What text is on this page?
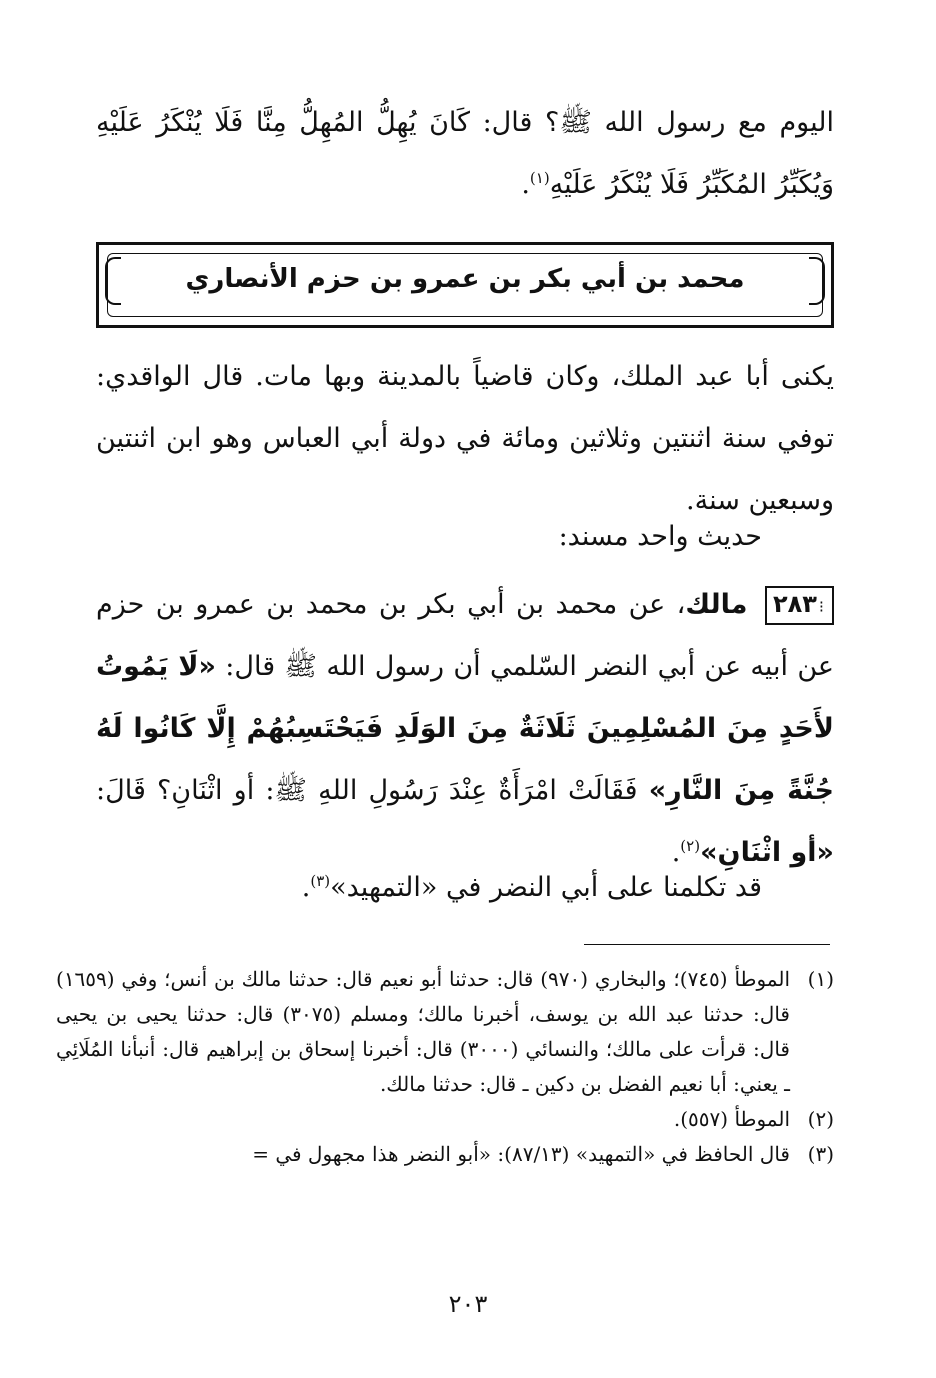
اليوم مع رسول الله ﷺ؟ قال: كَانَ يُهِلُّ المُهِلُّ مِنَّا فَلَا يُنْكَرُ عَلَيْهِ وَيُكَبِّرُ المُكَبِّرُ فَلَا يُنْكَرُ عَلَيْهِ$^{(١)}$.
محمد بن أبي بكر بن عمرو بن حزم الأنصاري
يكنى أبا عبد الملك، وكان قاضياً بالمدينة وبها مات. قال الواقدي: توفي سنة اثنتين وثلاثين ومائة في دولة أبي العباس وهو ابن اثنتين وسبعين سنة.
حديث واحد مسند:
⁝٢٨٣ مالك، عن محمد بن أبي بكر بن محمد بن عمرو بن حزم عن أبيه عن أبي النضر السّلمي أن رسول الله ﷺ قال: «لَا يَمُوتُ لأَحَدٍ مِنَ المُسْلِمِينَ ثَلَاثَةٌ مِنَ الوَلَدِ فَيَحْتَسِبُهُمْ إِلَّا كَانُوا لَهُ جُنَّةً مِنَ النَّارِ» فَقَالَتْ امْرَأَةٌ عِنْدَ رَسُولِ اللهِ ﷺ: أو اثْنَانِ؟ قَالَ: «أو اثْنَانِ»$^{(٢)}$.
قد تكلمنا على أبي النضر في «التمهيد»$^{(٣)}$.
(١)
الموطأ (٧٤٥)؛ والبخاري (٩٧٠) قال: حدثنا أبو نعيم قال: حدثنا مالك بن أنس؛ وفي (١٦٥٩) قال: حدثنا عبد الله بن يوسف، أخبرنا مالك؛ ومسلم (٣٠٧٥) قال: حدثنا يحيى بن يحيى قال: قرأت على مالك؛ والنسائي (٣٠٠٠) قال: أخبرنا إسحاق بن إبراهيم قال: أنبأنا المُلَائِي ـ يعني: أبا نعيم الفضل بن دكين ـ قال: حدثنا مالك.
(٢)
الموطأ (٥٥٧).
(٣)
قال الحافظ في «التمهيد» (٨٧/١٣): «أبو النضر هذا مجهول في =
٢٠٣
